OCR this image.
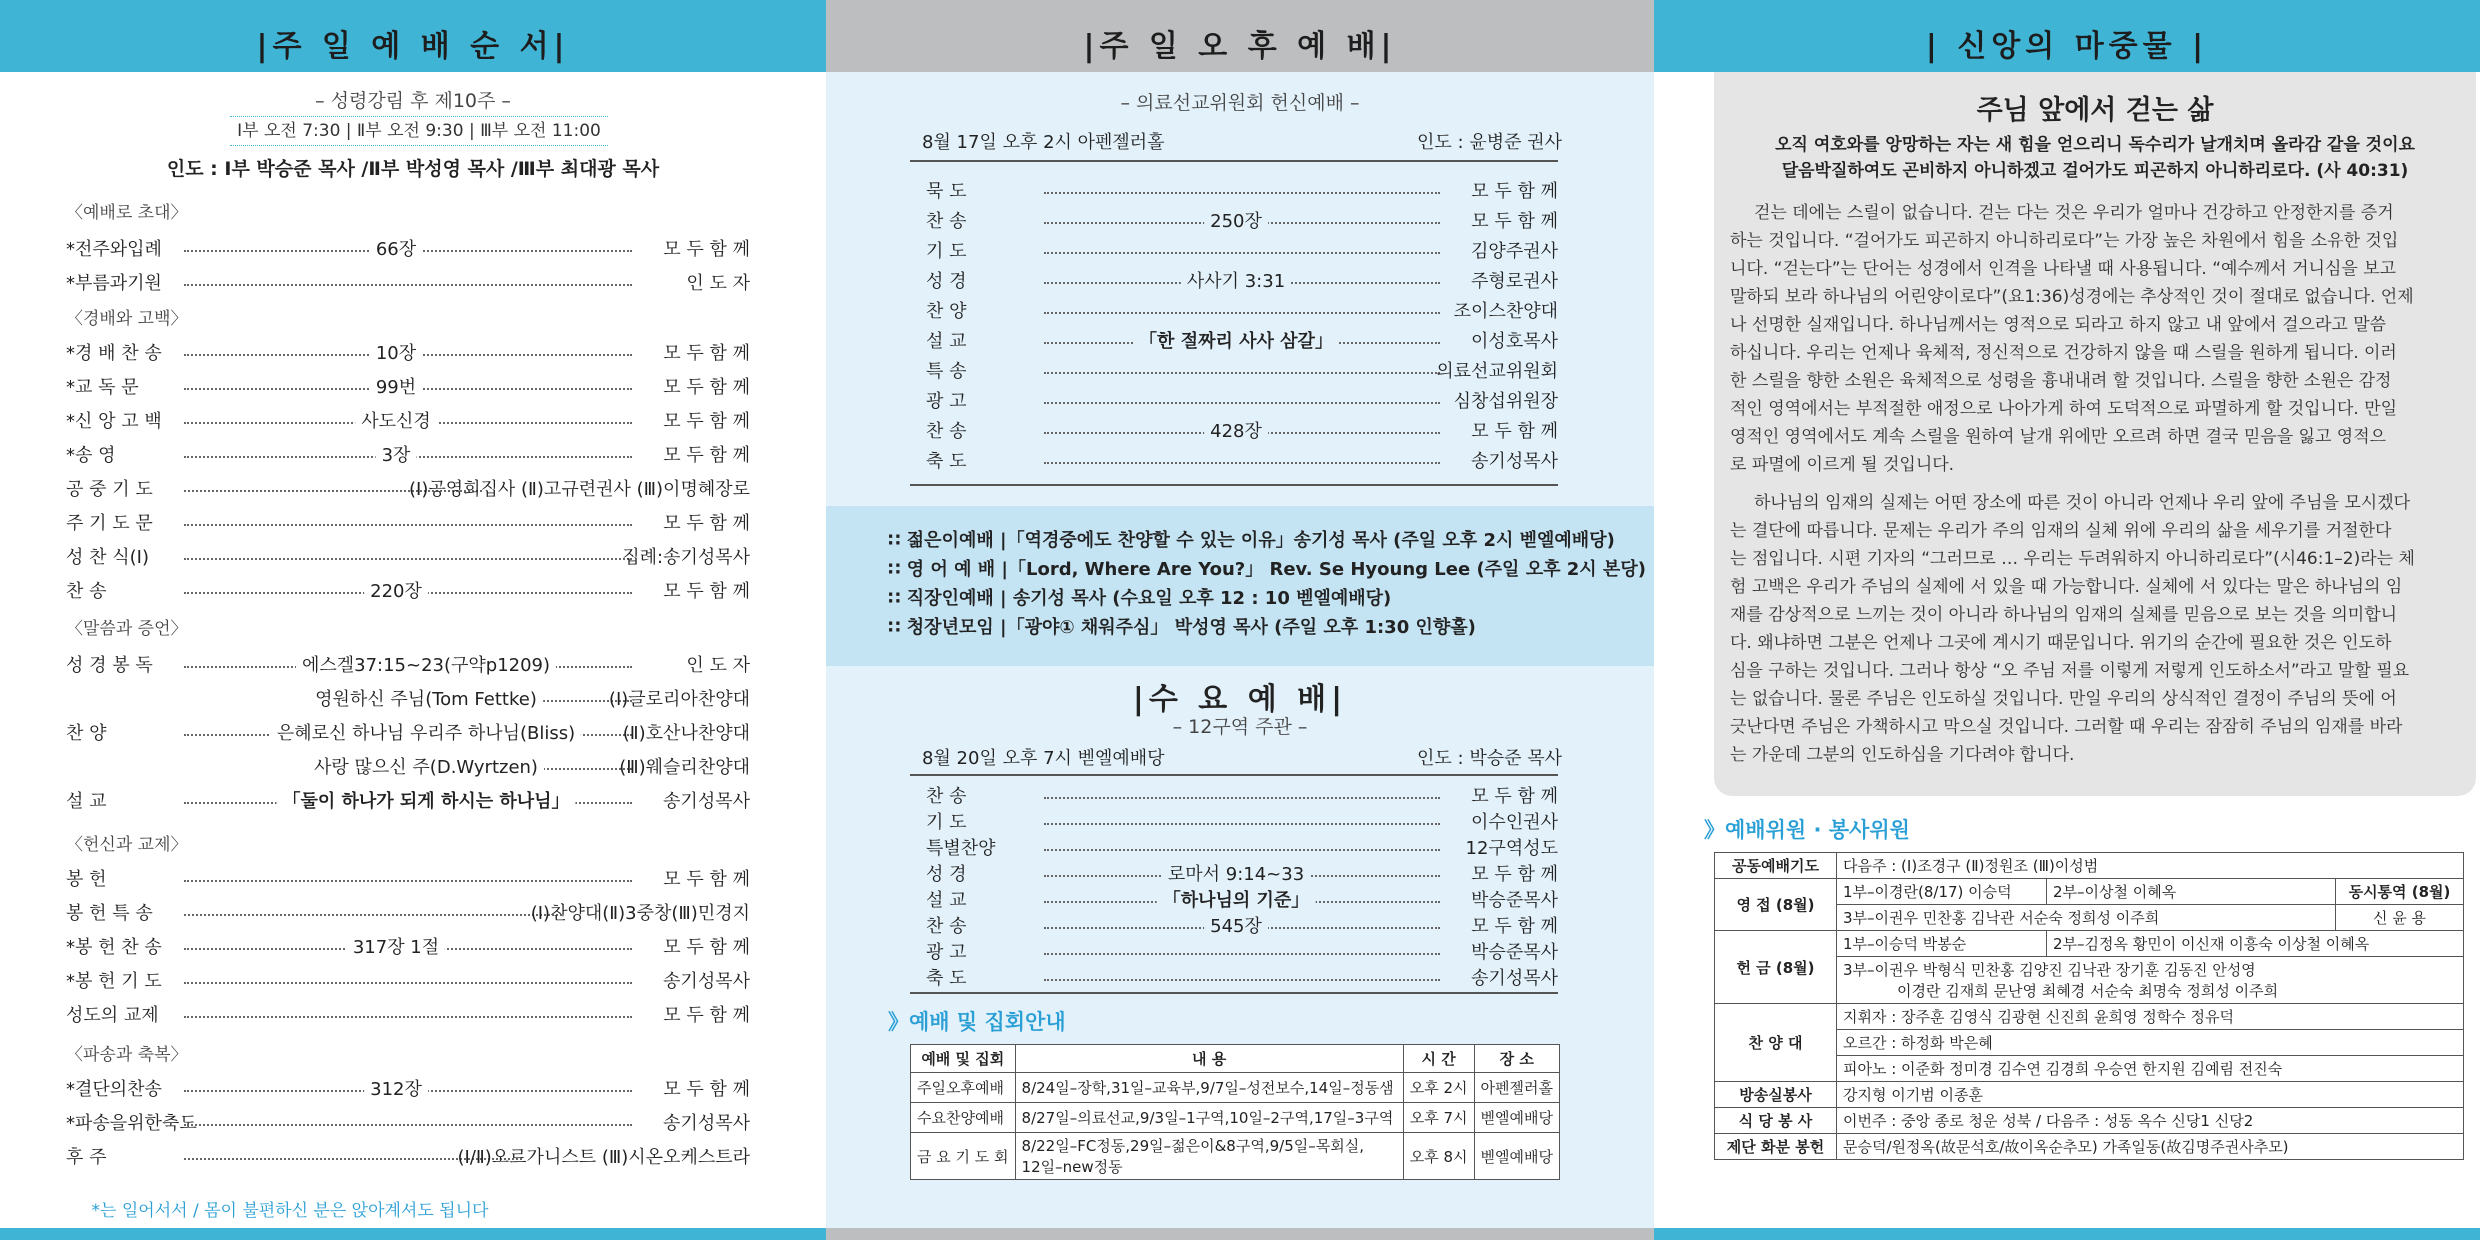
|주 일 예 배 순 서|
– 성령강림 후 제10주 –
Ⅰ부 오전 7:30 | Ⅱ부 오전 9:30 | Ⅲ부 오전 11:00
인도 : Ⅰ부 박승준 목사 /Ⅱ부 박성영 목사 /Ⅲ부 최대광 목사
〈예배로 초대〉
〈경배와 고백〉
〈말씀과 증언〉
〈헌신과 교제〉
〈파송과 축복〉
*전주와입례	66장	모 두 함 께
*부름과기원	인 도 자
*경 배 찬 송	10장	모 두 함 께
*교 독 문	99번	모 두 함 께
*신 앙 고 백	사도신경	모 두 함 께
*송 영	3장	모 두 함 께
공 중 기 도	(Ⅰ)공영희집사 (Ⅱ)고규련권사 (Ⅲ)이명혜장로
주 기 도 문	모 두 함 께
성 찬 식(Ⅰ)	집례:송기성목사
찬 송	220장	모 두 함 께
성 경 봉 독	에스겔37:15~23(구약p1209)	인 도 자
영원하신 주님(Tom Fettke)	(Ⅰ)글로리아찬양대
찬 양	은혜로신 하나님 우리주 하나님(Bliss)	(Ⅱ)호산나찬양대
사랑 많으신 주(D.Wyrtzen)	(Ⅲ)웨슬리찬양대
설 교	「둘이 하나가 되게 하시는 하나님」	송기성목사
봉 헌	모 두 함 께
봉 헌 특 송	(Ⅰ)찬양대(Ⅱ)3중창(Ⅲ)민경지
*봉 헌 찬 송	317장 1절	모 두 함 께
*봉 헌 기 도	송기성목사
성도의 교제	모 두 함 께
*결단의찬송	312장	모 두 함 께
*파송을위한축도	송기성목사
후 주	(Ⅰ/Ⅱ)오르가니스트 (Ⅲ)시온오케스트라
*는 일어서서 / 몸이 불편하신 분은 앉아계셔도 됩니다
|주 일 오 후 예 배|
– 의료선교위원회 헌신예배 –
8월 17일 오후 2시 아펜젤러홀	인도 : 윤병준 권사
묵 도	모 두 함 께
찬 송	250장	모 두 함 께
기 도	김양주권사
성 경	사사기 3:31	주형로권사
찬 양	조이스찬양대
설 교	「한 절짜리 사사 삼갈」	이성호목사
특 송	의료선교위원회
광 고	심창섭위원장
찬 송	428장	모 두 함 께
축 도	송기성목사
∷ 젊은이예배 |「역경중에도 찬양할 수 있는 이유」송기성 목사 (주일 오후 2시 벧엘예배당)
∷ 영 어 예 배 |「Lord, Where Are You?」 Rev. Se Hyoung Lee (주일 오후 2시 본당)
∷ 직장인예배 | 송기성 목사 (수요일 오후 12 : 10 벧엘예배당)
∷ 청장년모임 |「광야① 채워주심」 박성영 목사 (주일 오후 1:30 인향홀)
|수 요 예 배|
– 12구역 주관 –
8월 20일 오후 7시 벧엘예배당	인도 : 박승준 목사
찬 송	모 두 함 께
기 도	이수인권사
특별찬양	12구역성도
성 경	로마서 9:14~33	모 두 함 께
설 교	「하나님의 기준」	박승준목사
찬 송	545장	모 두 함 께
광 고	박승준목사
축 도	송기성목사
》예배 및 집회안내
예배 및 집회	내 용	시 간	장 소
주일오후예배	8/24일–장학,31일–교육부,9/7일–성전보수,14일–정동샘	오후 2시	아펜젤러홀
수요찬양예배	8/27일–의료선교,9/3일–1구역,10일–2구역,17일–3구역	오후 7시	벧엘예배당
금 요 기 도 회	8/22일–FC정동,29일–젊은이&8구역,9/5일–목회실,
12일–new정동	오후 8시	벧엘예배당
| 신앙의 마중물 |
주님 앞에서 걷는 삶
오직 여호와를 앙망하는 자는 새 힘을 얻으리니 독수리가 날개치며 올라감 같을 것이요
달음박질하여도 곤비하지 아니하겠고 걸어가도 피곤하지 아니하리로다. (사 40:31)
걷는 데에는 스릴이 없습니다. 걷는 다는 것은 우리가 얼마나 건강하고 안정한지를 증거
하는 것입니다. “걸어가도 피곤하지 아니하리로다”는 가장 높은 차원에서 힘을 소유한 것입
니다. “걷는다”는 단어는 성경에서 인격을 나타낼 때 사용됩니다. “예수께서 거니심을 보고
말하되 보라 하나님의 어린양이로다”(요1:36)성경에는 추상적인 것이 절대로 없습니다. 언제
나 선명한 실재입니다. 하나님께서는 영적으로 되라고 하지 않고 내 앞에서 걸으라고 말씀
하십니다. 우리는 언제나 육체적, 정신적으로 건강하지 않을 때 스릴을 원하게 됩니다. 이러
한 스릴을 향한 소원은 육체적으로 성령을 흉내내려 할 것입니다. 스릴을 향한 소원은 감정
적인 영역에서는 부적절한 애정으로 나아가게 하여 도덕적으로 파멸하게 할 것입니다. 만일
영적인 영역에서도 계속 스릴을 원하여 날개 위에만 오르려 하면 결국 믿음을 잃고 영적으
로 파멸에 이르게 될 것입니다.
하나님의 임재의 실제는 어떤 장소에 따른 것이 아니라 언제나 우리 앞에 주님을 모시겠다
는 결단에 따릅니다. 문제는 우리가 주의 임재의 실체 위에 우리의 삶을 세우기를 거절한다
는 점입니다. 시편 기자의 “그러므로 … 우리는 두려워하지 아니하리로다”(시46:1–2)라는 체
험 고백은 우리가 주님의 실제에 서 있을 때 가능합니다. 실체에 서 있다는 말은 하나님의 임
재를 감상적으로 느끼는 것이 아니라 하나님의 임재의 실체를 믿음으로 보는 것을 의미합니
다. 왜냐하면 그분은 언제나 그곳에 계시기 때문입니다. 위기의 순간에 필요한 것은 인도하
심을 구하는 것입니다. 그러나 항상 “오 주님 저를 이렇게 저렇게 인도하소서”라고 말할 필요
는 없습니다. 물론 주님은 인도하실 것입니다. 만일 우리의 상식적인 결정이 주님의 뜻에 어
긋난다면 주님은 가책하시고 막으실 것입니다. 그러할 때 우리는 잠잠히 주님의 임재를 바라
는 가운데 그분의 인도하심을 기다려야 합니다.
》예배위원 · 봉사위원
공동예배기도	다음주 : (Ⅰ)조경구 (Ⅱ)정원조 (Ⅲ)이성범		
영 접 (8월)	1부–이경란(8/17) 이승덕	2부–이상철 이혜옥	동시통역 (8월)
	3부–이권우 민찬홍 김낙관 서순숙 정희성 이주희		신 윤 용
헌 금 (8월)	1부–이승덕 박봉순	2부–김정옥 황민이 이신재 이흥숙 이상철 이혜옥	

	3부–이권우 박형식 민찬홍 김양진 김낙관 장기훈 김동진 안성영
이경란 김재희 문난영 최혜경 서순숙 최명숙 정희성 이주희		

찬 양 대	지휘자 : 장주훈 김영식 김광현 신진희 윤희영 정학수 정유덕
오르간 : 하정화 박은혜
피아노 : 이준화 정미경 김수연 김경희 우승연 한지원 김예림 전진숙		

방송실봉사	강지형 이기범 이종훈		
식 당 봉 사	이번주 : 중앙 종로 청운 성북 / 다음주 : 성동 옥수 신당1 신당2		
제단 화분 봉헌	문승덕/원정옥(故문석호/故이옥순추모) 가족일동(故김명주권사추모)		
